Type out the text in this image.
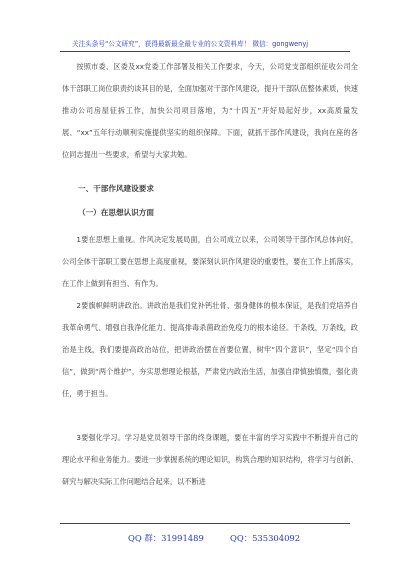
关注头条号“公文研究”，获得最新最全最专业的公文资料库！ 微信：gongwenyj
按照市委、区委及xx党委工作部署及相关工作要求，今天，公司党支部组织征收公司全体干部职工岗位职责约谈其目的是，全面加强对干部作风建设，提升干部队伍整体素质，快速推动公司房屋征拆工作，加快公司项目落地，为“十四五”开好局起好步，xx高质量发展、“xx”五年行动顺利实施提供坚实的组织保障。下面，就抓干部作风建设，我向在座的各位同志提出一些要求，希望与大家共勉。
一、干部作风建设要求
（一）在思想认识方面
1要在思想上重视。作风决定发展局面，自公司成立以来，公司领导干部作风总体向好，公司全体干部职工要在思想上高度重视，要深刻认识作风建设的重要性，要在工作上抓落实，在工作上做到有担当、有作为。
2要旗帜鲜明讲政治。讲政治是我们党补钙壮骨、强身健体的根本保证，是我们党培养自我革命勇气、增强自我净化能力、提高排毒杀菌政治免疫力的根本途径。干条线，万条线，政治是主线，我们要提高政治站位，把讲政治摆在首要位置，树牢“四个意识”，坚定“四个自信”，做到“两个维护”，夯实思想理论根基，严肃党内政治生活，加强自律慎独慎微，强化责任，勇于担当。
3要强化学习。学习是党员领导干部的终身课题，要在丰富的学习实践中不断提升自己的理论水平和业务能力。要进一步掌握系统的理论知识，构筑合理的知识结构，将学习与创新、研究与解决实际工作问题结合起来，以不断进
QQ 群：31991489	QQ：535304092
